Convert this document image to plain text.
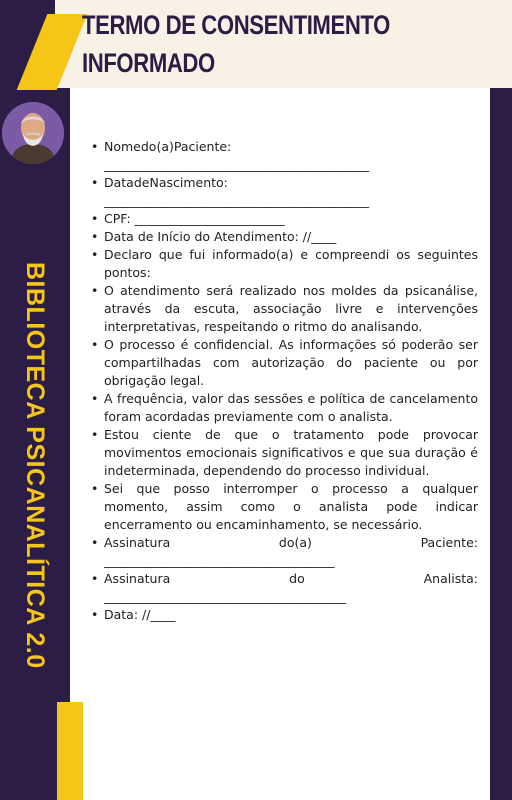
TERMO DE CONSENTIMENTO
INFORMADO
BIBLIOTECA PSICANALÍTICA 2.0
• Nomedo(a)Paciente:
______________________________________________
• DatadeNascimento:
______________________________________________
• CPF: ________________________
• Data de Início do Atendimento: //____
• Declaro que fui informado(a) e compreendi os seguintes pontos:
• O atendimento será realizado nos moldes da psicanálise, através da escuta, associação livre e intervenções interpretativas, respeitando o ritmo do analisando.
• O processo é confidencial. As informações só poderão ser compartilhadas com autorização do paciente ou por obrigação legal.
• A frequência, valor das sessões e política de cancelamento foram acordadas previamente com o analista.
• Estou ciente de que o tratamento pode provocar movimentos emocionais significativos e que sua duração é indeterminada, dependendo do processo individual.
• Sei que posso interromper o processo a qualquer momento, assim como o analista pode indicar encerramento ou encaminhamento, se necessário.
• Assinatura	do(a)	Paciente:
________________________________________
• Assinatura	do	Analista:
__________________________________________
• Data: //____
